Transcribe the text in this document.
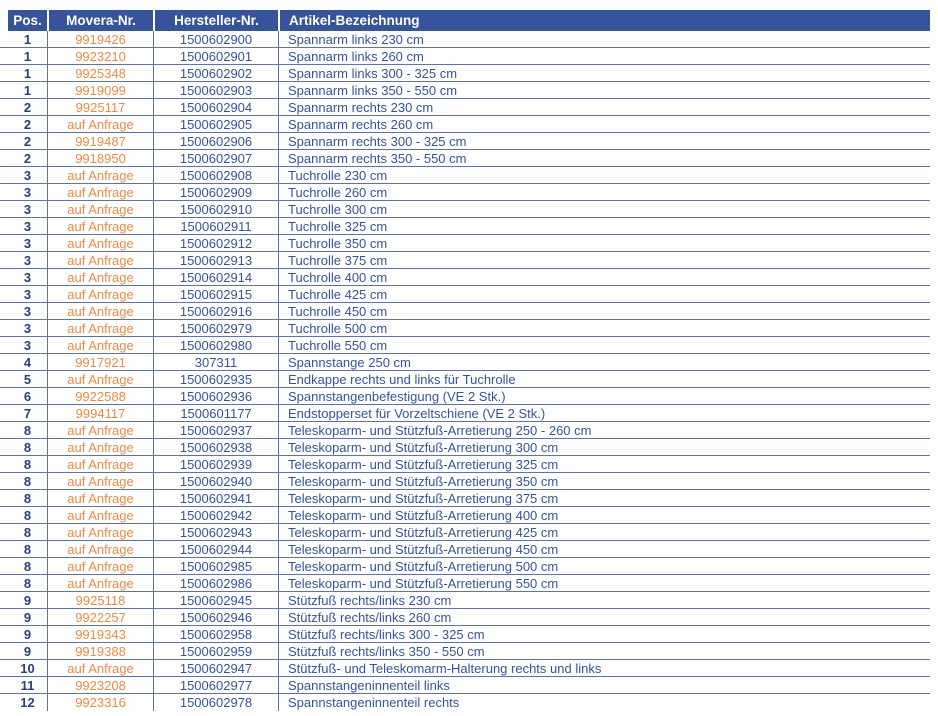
Pos.	Movera-Nr.	Hersteller-Nr.	Artikel-Bezeichnung
1	9919426	1500602900	Spannarm links 230 cm
1	9923210	1500602901	Spannarm links 260 cm
1	9925348	1500602902	Spannarm links 300 - 325 cm
1	9919099	1500602903	Spannarm links 350 - 550 cm
2	9925117	1500602904	Spannarm rechts 230 cm
2	auf Anfrage	1500602905	Spannarm rechts 260 cm
2	9919487	1500602906	Spannarm rechts 300 - 325 cm
2	9918950	1500602907	Spannarm rechts 350 - 550 cm
3	auf Anfrage	1500602908	Tuchrolle 230 cm
3	auf Anfrage	1500602909	Tuchrolle 260 cm
3	auf Anfrage	1500602910	Tuchrolle 300 cm
3	auf Anfrage	1500602911	Tuchrolle 325 cm
3	auf Anfrage	1500602912	Tuchrolle 350 cm
3	auf Anfrage	1500602913	Tuchrolle 375 cm
3	auf Anfrage	1500602914	Tuchrolle 400 cm
3	auf Anfrage	1500602915	Tuchrolle 425 cm
3	auf Anfrage	1500602916	Tuchrolle 450 cm
3	auf Anfrage	1500602979	Tuchrolle 500 cm
3	auf Anfrage	1500602980	Tuchrolle 550 cm
4	9917921	307311	Spannstange 250 cm
5	auf Anfrage	1500602935	Endkappe rechts und links für Tuchrolle
6	9922588	1500602936	Spannstangenbefestigung (VE 2 Stk.)
7	9994117	1500601177	Endstopperset für Vorzeltschiene (VE 2 Stk.)
8	auf Anfrage	1500602937	Teleskoparm- und Stützfuß-Arretierung 250 - 260 cm
8	auf Anfrage	1500602938	Teleskoparm- und Stützfuß-Arretierung 300 cm
8	auf Anfrage	1500602939	Teleskoparm- und Stützfuß-Arretierung 325 cm
8	auf Anfrage	1500602940	Teleskoparm- und Stützfuß-Arretierung 350 cm
8	auf Anfrage	1500602941	Teleskoparm- und Stützfuß-Arretierung 375 cm
8	auf Anfrage	1500602942	Teleskoparm- und Stützfuß-Arretierung 400 cm
8	auf Anfrage	1500602943	Teleskoparm- und Stützfuß-Arretierung 425 cm
8	auf Anfrage	1500602944	Teleskoparm- und Stützfuß-Arretierung 450 cm
8	auf Anfrage	1500602985	Teleskoparm- und Stützfuß-Arretierung 500 cm
8	auf Anfrage	1500602986	Teleskoparm- und Stützfuß-Arretierung 550 cm
9	9925118	1500602945	Stützfuß rechts/links 230 cm
9	9922257	1500602946	Stützfuß rechts/links 260 cm
9	9919343	1500602958	Stützfuß rechts/links 300 - 325 cm
9	9919388	1500602959	Stützfuß rechts/links 350 - 550 cm
10	auf Anfrage	1500602947	Stützfuß- und Teleskomarm-Halterung rechts und links
11	9923208	1500602977	Spannstangeninnenteil links
12	9923316	1500602978	Spannstangeninnenteil rechts
